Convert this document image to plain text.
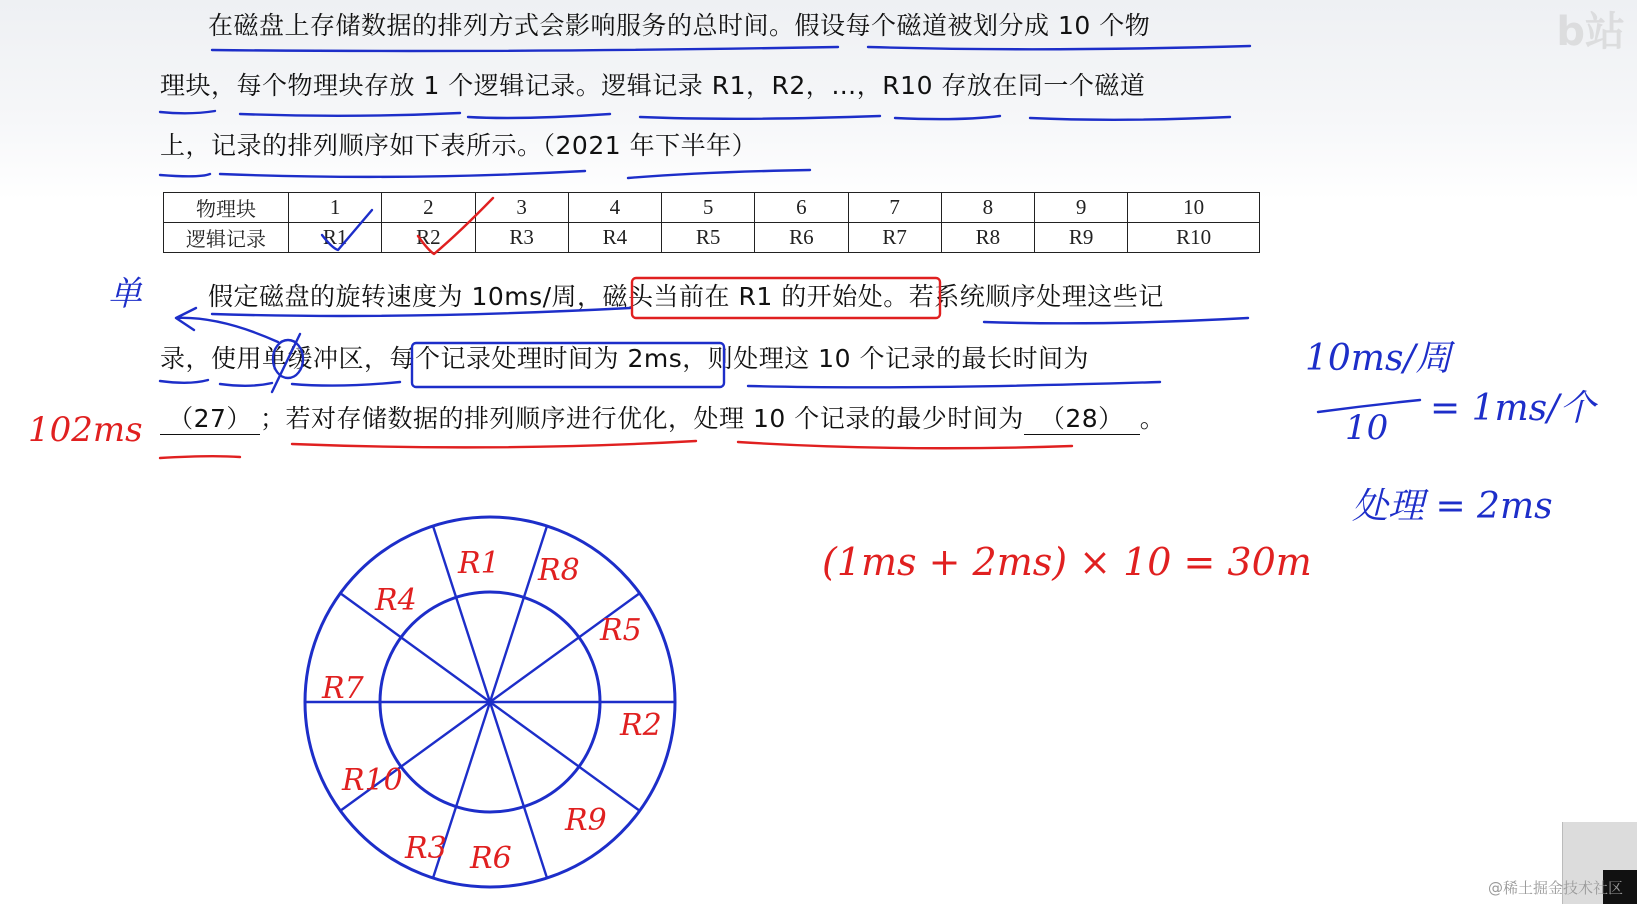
b站
在磁盘上存储数据的排列方式会影响服务的总时间。假设每个磁道被划分成 10 个物
理块，每个物理块存放 1 个逻辑记录。逻辑记录 R1，R2，…，R10 存放在同一个磁道
上，记录的排列顺序如下表所示。（2021 年下半年）
物理块	1	2	3	4	5	6	7	8	9	10
逻辑记录	R1	R2	R3	R4	R5	R6	R7	R8	R9	R10
假定磁盘的旋转速度为 10ms/周，磁头当前在 R1 的开始处。若系统顺序处理这些记
录，使用单缓冲区，每个记录处理时间为 2ms，则处理这 10 个记录的最长时间为
（27） ；若对存储数据的排列顺序进行优化，处理 10 个记录的最少时间为 （28） 。
R1 R8
R5
R2
R9
R6
R3
R10
R7
R4
单
102ms
10ms/周
10 = 1ms/个
处理 = 2ms
(1ms + 2ms) × 10 = 30m
@稀土掘金技术社区
